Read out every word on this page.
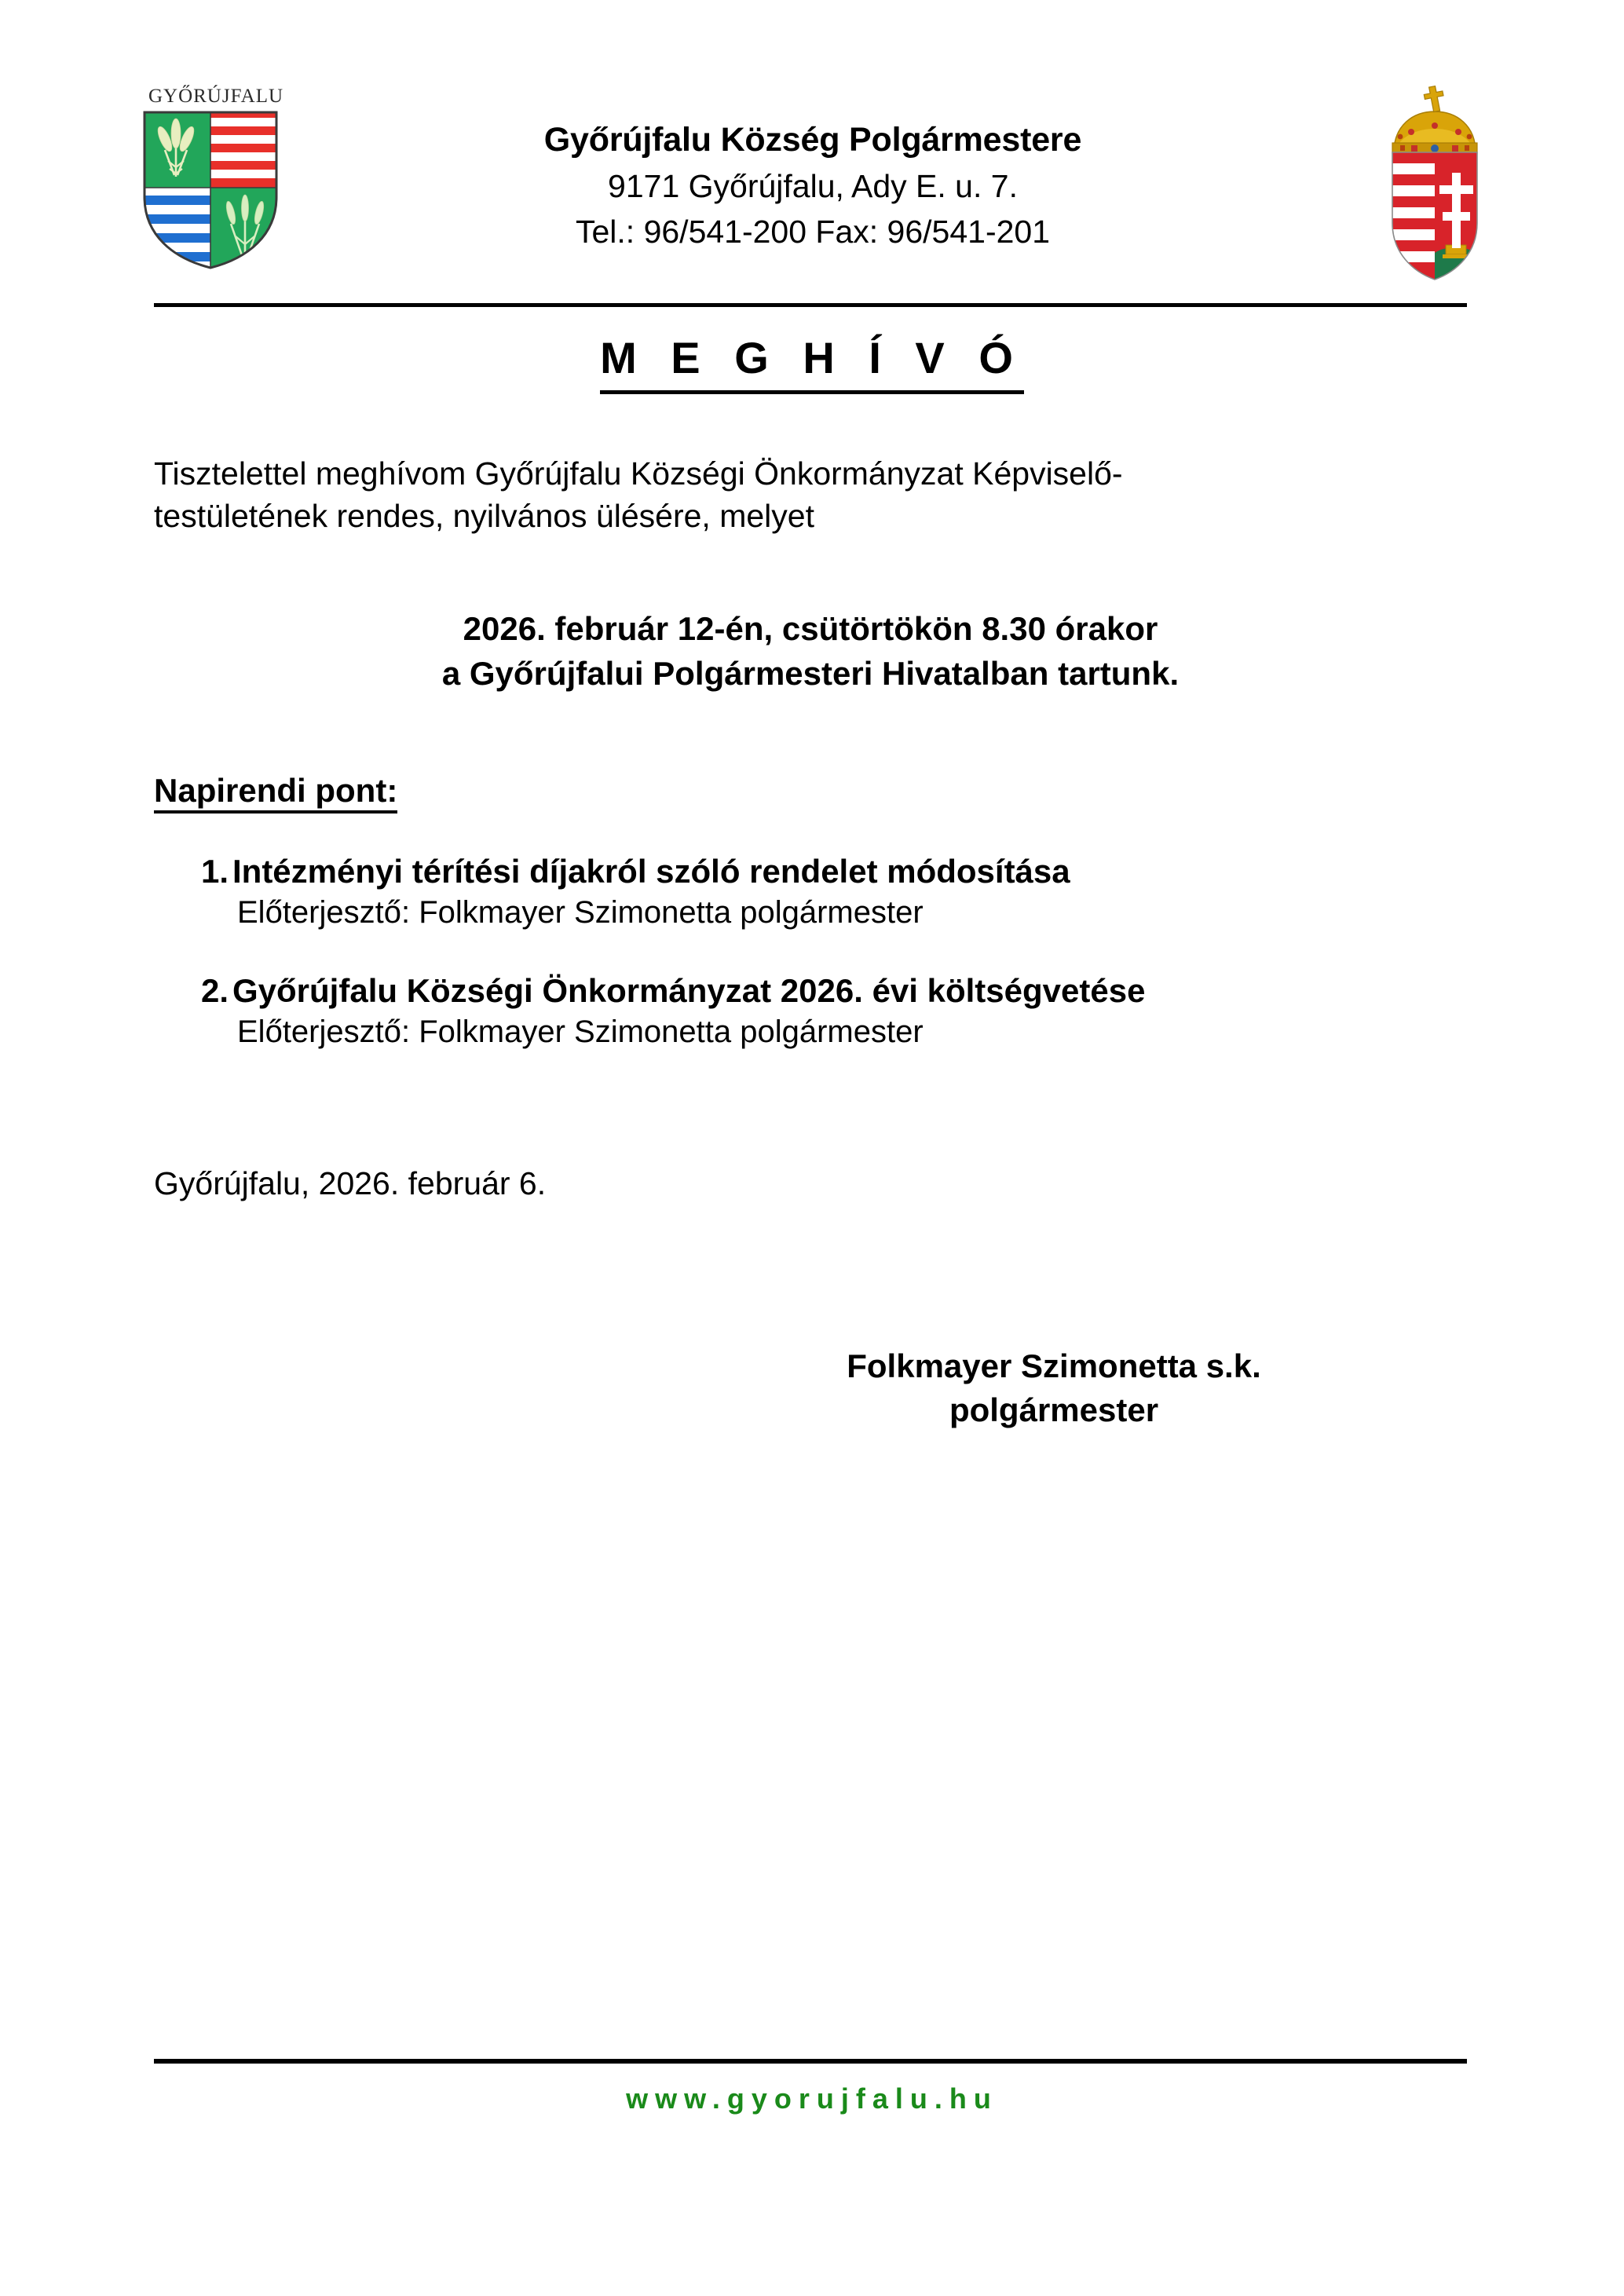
GYŐRÚJFALU
Győrújfalu Község Polgármestere
9171 Győrújfalu, Ady E. u. 7.
Tel.: 96/541-200 Fax: 96/541-201
M E G H Í V Ó

Tisztelettel meghívom Győrújfalu Községi Önkormányzat Képviselő-
testületének rendes, nyilvános ülésére, melyet

2026. február 12-én, csütörtökön 8.30 órakor
a Győrújfalui Polgármesteri Hivatalban tartunk.
Napirendi pont:
1. Intézményi térítési díjakról szóló rendelet módosítása
Előterjesztő: Folkmayer Szimonetta polgármester
2. Győrújfalu Községi Önkormányzat 2026. évi költségvetése
Előterjesztő: Folkmayer Szimonetta polgármester
Győrújfalu, 2026. február 6.
Folkmayer Szimonetta s.k.
polgármester
www.gyorujfalu.hu
